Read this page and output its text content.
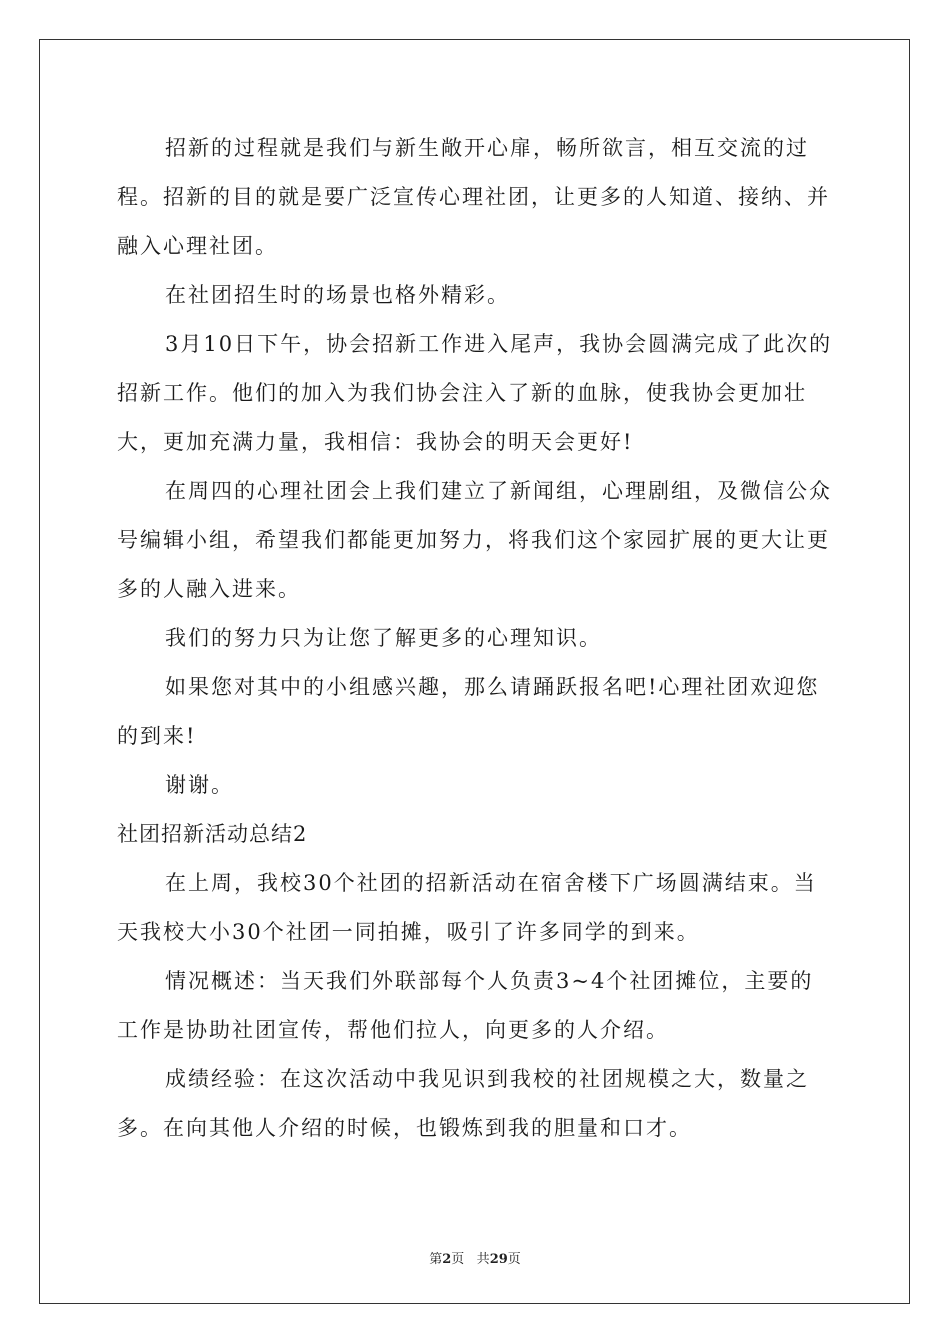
招新的过程就是我们与新生敞开心扉，畅所欲言，相互交流的过程。招新的目的就是要广泛宣传心理社团，让更多的人知道、接纳、并融入心理社团。

在社团招生时的场景也格外精彩。

3月10日下午，协会招新工作进入尾声，我协会圆满完成了此次的招新工作。他们的加入为我们协会注入了新的血脉，使我协会更加壮大，更加充满力量，我相信：我协会的明天会更好!

在周四的心理社团会上我们建立了新闻组，心理剧组，及微信公众号编辑小组，希望我们都能更加努力，将我们这个家园扩展的更大让更多的人融入进来。

我们的努力只为让您了解更多的心理知识。

如果您对其中的小组感兴趣，那么请踊跃报名吧!心理社团欢迎您的到来!

谢谢。

社团招新活动总结2

在上周，我校30个社团的招新活动在宿舍楼下广场圆满结束。当天我校大小30个社团一同拍摊，吸引了许多同学的到来。

情况概述：当天我们外联部每个人负责3~4个社团摊位，主要的工作是协助社团宣传，帮他们拉人，向更多的人介绍。

成绩经验：在这次活动中我见识到我校的社团规模之大，数量之多。在向其他人介绍的时候，也锻炼到我的胆量和口才。

第2页 共29页
